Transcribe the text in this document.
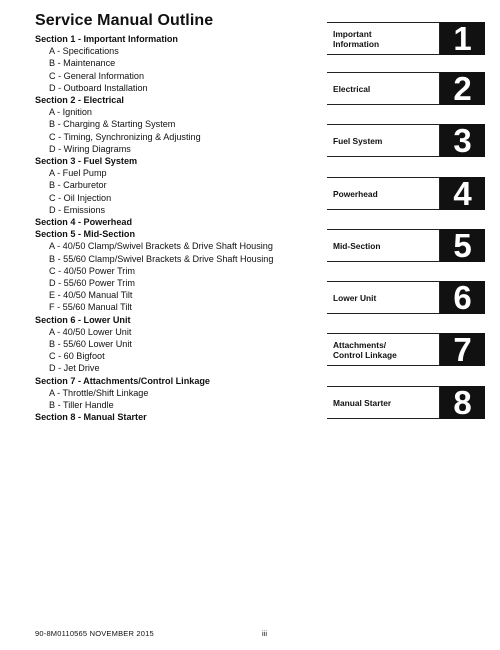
Service Manual Outline
Section 1 - Important Information
A - Specifications
B - Maintenance
C - General Information
D - Outboard Installation
Section 2 - Electrical
A - Ignition
B - Charging & Starting System
C - Timing, Synchronizing & Adjusting
D - Wiring Diagrams
Section 3 - Fuel System
A - Fuel Pump
B - Carburetor
C - Oil Injection
D - Emissions
Section 4 - Powerhead
Section 5 - Mid-Section
A - 40/50 Clamp/Swivel Brackets & Drive Shaft Housing
B - 55/60 Clamp/Swivel Brackets & Drive Shaft Housing
C - 40/50 Power Trim
D - 55/60 Power Trim
E - 40/50 Manual Tilt
F - 55/60 Manual Tilt
Section 6 - Lower Unit
A - 40/50 Lower Unit
B - 55/60 Lower Unit
C - 60 Bigfoot
D - Jet Drive
Section 7 - Attachments/Control Linkage
A - Throttle/Shift Linkage
B - Tiller Handle
Section 8 - Manual Starter
Important
Information	1
Electrical	2
Fuel System	3
Powerhead	4
Mid-Section	5
Lower Unit	6
Attachments/
Control Linkage	7
Manual Starter	8
90-8M0110565 NOVEMBER 2015	iii
